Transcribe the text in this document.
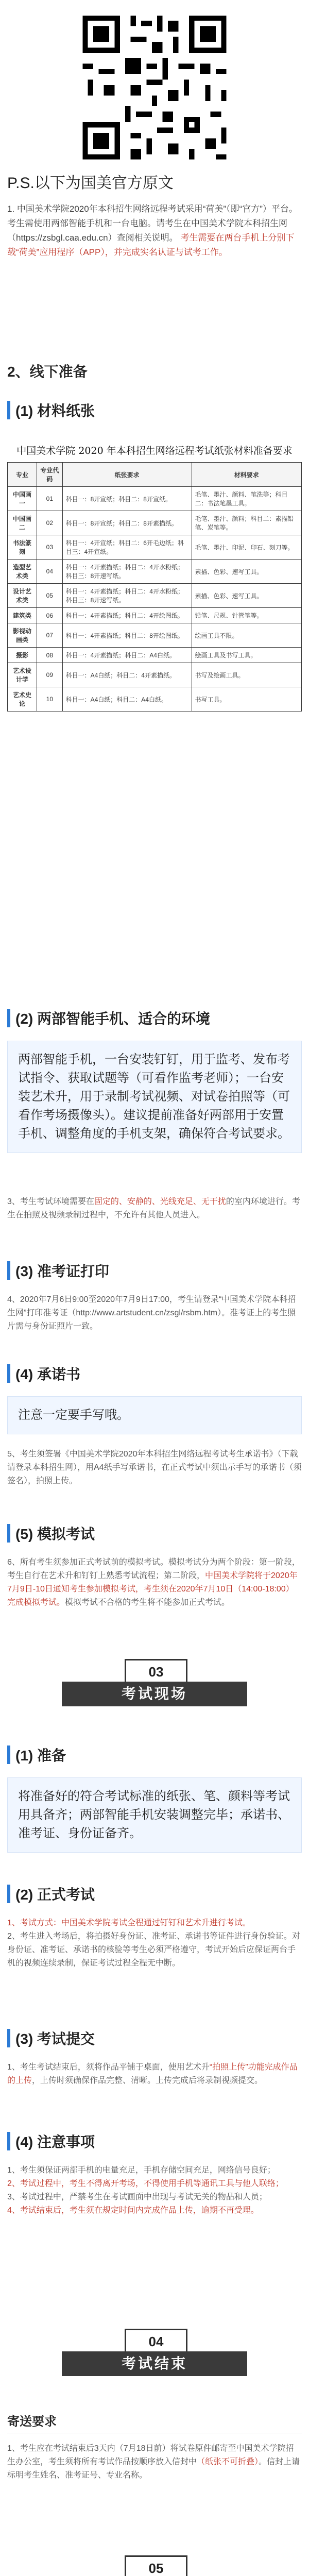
P.S.以下为国美官方原文
1. 中国美术学院2020年本科招生网络远程考试采用“荷美”（即“官方”）平台。考生需使用两部智能手机和一台电脑。请考生在中国美术学院本科招生网（https://zsbgl.caa.edu.cn）查阅相关说明。 考生需要在两台手机上分别下载“荷美”应用程序（APP），并完成实名认证与试考工作。
2、线下准备
(1) 材料纸张
中国美术学院 2020 年本科招生网络远程考试纸张材料准备要求
专业	专业代码	纸张要求	材料要求
中国画一	01	科目一：8开宣纸；科目二：8开宣纸。	毛笔、墨汁、颜料、笔洗等；科目二：书法笔墨工具。
中国画二	02	科目一：8开宣纸；科目二：8开素描纸。	毛笔、墨汁、颜料；科目二：素描铅笔、炭笔等。
书法篆刻	03	科目一：4开宣纸；科目二：6开毛边纸；科目三：4开宣纸。	毛笔、墨汁、印泥、印石、刻刀等。
造型艺术类	04	科目一：4开素描纸；科目二：4开水粉纸；科目三：8开速写纸。	素描、色彩、速写工具。
设计艺术类	05	科目一：4开素描纸；科目二：4开水粉纸；科目三：8开速写纸。	素描、色彩、速写工具。
建筑类	06	科目一：4开素描纸；科目二：4开绘图纸。	铅笔、尺规、针管笔等。
影视动画类	07	科目一：4开素描纸；科目二：8开绘图纸。	绘画工具不限。
摄影	08	科目一：4开素描纸；科目二：A4白纸。	绘画工具及书写工具。
艺术设计学	09	科目一：A4白纸；科目二：4开素描纸。	书写及绘画工具。
艺术史论	10	科目一：A4白纸；科目二：A4白纸。	书写工具。
(2) 两部智能手机、适合的环境
两部智能手机，一台安装钉钉，用于监考、发布考试指令、获取试题等（可看作监考老师）；一台安装艺术升，用于录制考试视频、对试卷拍照等（可看作考场摄像头）。建议提前准备好两部用于安置手机、调整角度的手机支架，确保符合考试要求。
3、考生考试环境需要在固定的、安静的、光线充足、无干扰的室内环境进行。考生在拍照及视频录制过程中，不允许有其他人员进入。
(3) 准考证打印
4、2020年7月6日9:00至2020年7月9日17:00，考生请登录“中国美术学院本科招生网”打印准考证（http://www.artstudent.cn/zsgl/rsbm.htm）。准考证上的考生照片需与身份证照片一致。
(4) 承诺书
注意一定要手写哦。
5、考生须签署《中国美术学院2020年本科招生网络远程考试考生承诺书》（下载请登录本科招生网），用A4纸手写承诺书，在正式考试中须出示手写的承诺书（须签名），拍照上传。
(5) 模拟考试
6、所有考生须参加正式考试前的模拟考试。模拟考试分为两个阶段：第一阶段，考生自行在艺术升和钉钉上熟悉考试流程；第二阶段，中国美术学院将于2020年7月9日-10日通知考生参加模拟考试，考生须在2020年7月10日（14:00-18:00）完成模拟考试。模拟考试不合格的考生将不能参加正式考试。
03
考试现场
(1) 准备
将准备好的符合考试标准的纸张、笔、颜料等考试用具备齐；两部智能手机安装调整完毕；承诺书、准考证、身份证备齐。
(2) 正式考试
1、考试方式：中国美术学院考试全程通过钉钉和艺术升进行考试。
2、考生进入考场后，将拍摄好身份证、准考证、承诺书等证件进行身份验证。对身份证、准考证、承诺书的核验等考生必须严格遵守，考试开始后应保证两台手机的视频连续录制，保证考试过程全程无中断。
(3) 考试提交
1、考生考试结束后，须将作品平铺于桌面，使用艺术升“拍照上传”功能完成作品的上传，上传时须确保作品完整、清晰。上传完成后将录制视频提交。
(4) 注意事项
1、考生须保证两部手机的电量充足，手机存储空间充足，网络信号良好；
2、考试过程中，考生不得离开考场，不得使用手机等通讯工具与他人联络；
3、考试过程中，严禁考生在考试画面中出现与考试无关的物品和人员；
4、考试结束后，考生须在规定时间内完成作品上传，逾期不再受理。
04
考试结束
寄送要求
1、考生应在考试结束后3天内（7月18日前）将试卷原件邮寄至中国美术学院招生办公室，考生须将所有考试作品按顺序放入信封中（纸张不可折叠）。信封上请标明考生姓名、准考证号、专业名称。
05
